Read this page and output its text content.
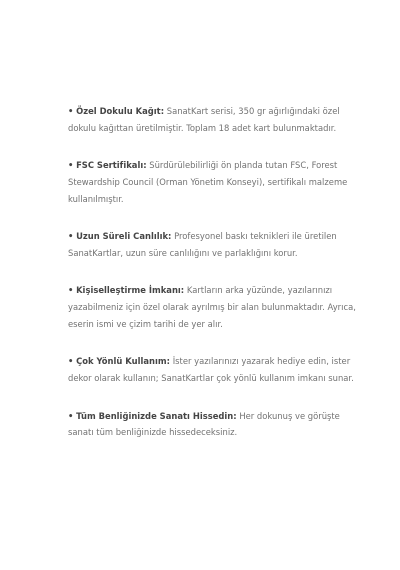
• Özel Dokulu Kağıt: SanatKart serisi, 350 gr ağırlığındaki özel dokulu kağıttan üretilmiştir. Toplam 18 adet kart bulunmaktadır.

• FSC Sertifikalı: Sürdürülebilirliği ön planda tutan FSC, Forest Stewardship Council (Orman Yönetim Konseyi), sertifikalı malzeme kullanılmıştır.

• Uzun Süreli Canlılık: Profesyonel baskı teknikleri ile üretilen SanatKartlar, uzun süre canlılığını ve parlaklığını korur.

• Kişiselleştirme İmkanı: Kartların arka yüzünde, yazılarınızı yazabilmeniz için özel olarak ayrılmış bir alan bulunmaktadır. Ayrıca, eserin ismi ve çizim tarihi de yer alır.

• Çok Yönlü Kullanım: İster yazılarınızı yazarak hediye edin, ister dekor olarak kullanın; SanatKartlar çok yönlü kullanım imkanı sunar.

• Tüm Benliğinizde Sanatı Hissedin: Her dokunuş ve görüşte sanatı tüm benliğinizde hissedeceksiniz.
